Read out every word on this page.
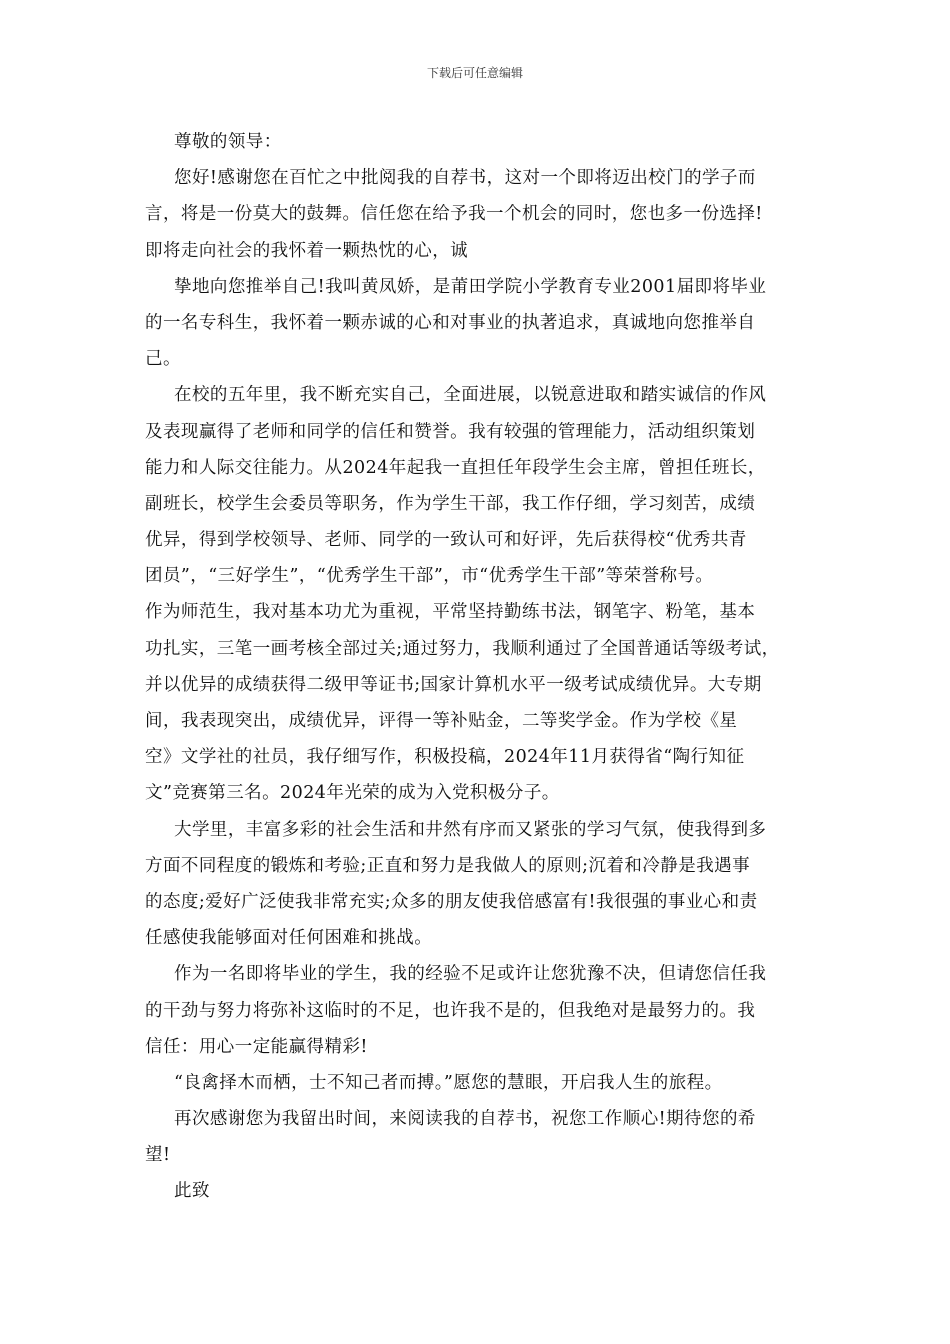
下载后可任意编辑
尊敬的领导：
您好!感谢您在百忙之中批阅我的自荐书，这对一个即将迈出校门的学子而
言，将是一份莫大的鼓舞。信任您在给予我一个机会的同时，您也多一份选择!
即将走向社会的我怀着一颗热忱的心，诚
挚地向您推举自己!我叫黄凤娇，是莆田学院小学教育专业2001届即将毕业
的一名专科生，我怀着一颗赤诚的心和对事业的执著追求，真诚地向您推举自
己。
在校的五年里，我不断充实自己，全面进展，以锐意进取和踏实诚信的作风
及表现赢得了老师和同学的信任和赞誉。我有较强的管理能力，活动组织策划
能力和人际交往能力。从2024年起我一直担任年段学生会主席，曾担任班长，
副班长，校学生会委员等职务，作为学生干部，我工作仔细，学习刻苦，成绩
优异，得到学校领导、老师、同学的一致认可和好评，先后获得校“优秀共青
团员”，“三好学生”，“优秀学生干部”，市“优秀学生干部”等荣誉称号。
作为师范生，我对基本功尤为重视，平常坚持勤练书法，钢笔字、粉笔，基本
功扎实，三笔一画考核全部过关;通过努力，我顺利通过了全国普通话等级考试，
并以优异的成绩获得二级甲等证书;国家计算机水平一级考试成绩优异。大专期
间，我表现突出，成绩优异，评得一等补贴金，二等奖学金。作为学校《星
空》文学社的社员，我仔细写作，积极投稿，2024年11月获得省“陶行知征
文”竞赛第三名。2024年光荣的成为入党积极分子。
大学里，丰富多彩的社会生活和井然有序而又紧张的学习气氛，使我得到多
方面不同程度的锻炼和考验;正直和努力是我做人的原则;沉着和冷静是我遇事
的态度;爱好广泛使我非常充实;众多的朋友使我倍感富有!我很强的事业心和责
任感使我能够面对任何困难和挑战。
作为一名即将毕业的学生，我的经验不足或许让您犹豫不决，但请您信任我
的干劲与努力将弥补这临时的不足，也许我不是的，但我绝对是最努力的。我
信任：用心一定能赢得精彩!
“良禽择木而栖，士不知己者而搏。”愿您的慧眼，开启我人生的旅程。
再次感谢您为我留出时间，来阅读我的自荐书，祝您工作顺心!期待您的希
望!
此致
